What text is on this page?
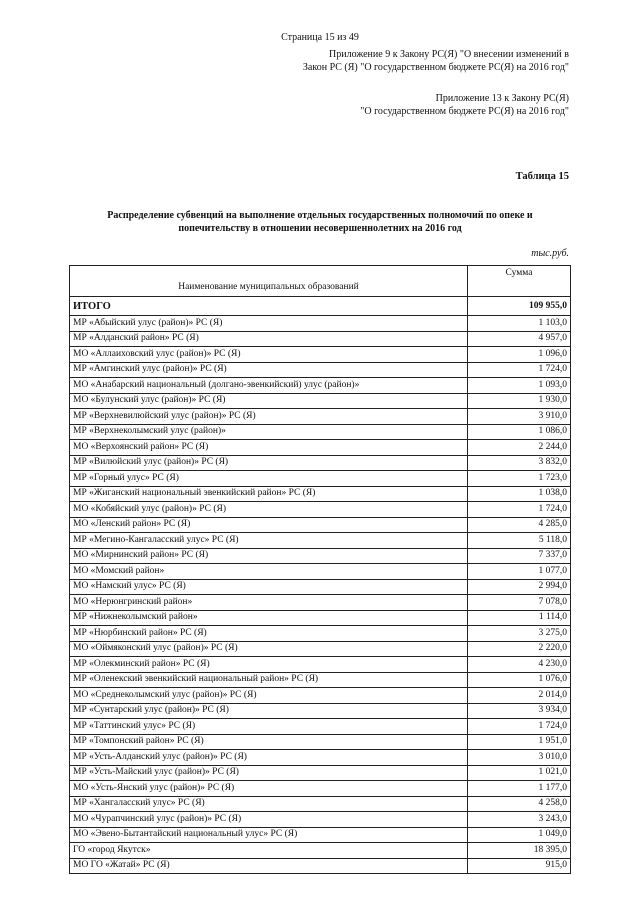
Страница 15 из 49
Приложение 9 к Закону РС(Я) "О внесении изменений в
Закон РС (Я) "О государственном бюджете РС(Я) на 2016 год"
Приложение 13 к Закону РС(Я)
"О государственном бюджете РС(Я) на 2016 год"
Таблица 15
Распределение субвенций на выполнение отдельных государственных полномочий по опеке и
попечительству в отношении несовершеннолетних на 2016 год
тыс.руб.
Наименование муниципальных образований	Сумма
ИТОГО	109 955,0
МР «Абыйский улус (район)» РС (Я)	1 103,0
МР «Алданский район» РС (Я)	4 957,0
МО «Аллаиховский улус (район)» РС (Я)	1 096,0
МР «Амгинский улус (район)» РС (Я)	1 724,0
МО «Анабарский национальный (долгано-эвенкийский) улус (район)»	1 093,0
МО «Булунский улус (район)» РС (Я)	1 930,0
МР «Верхневилюйский улус (район)» РС (Я)	3 910,0
МР «Верхнеколымский улус (район)»	1 086,0
МО «Верхоянский район» РС (Я)	2 244,0
МР «Вилюйский улус (район)» РС (Я)	3 832,0
МР «Горный улус» РС (Я)	1 723,0
МР «Жиганский национальный эвенкийский район» РС (Я)	1 038,0
МО «Кобяйский улус (район)» РС (Я)	1 724,0
МО «Ленский район» РС (Я)	4 285,0
МР «Мегино-Кангаласский улус» РС (Я)	5 118,0
МО «Мирнинский район» РС (Я)	7 337,0
МО «Момский район»	1 077,0
МО «Намский улус» РС (Я)	2 994,0
МО «Нерюнгринский район»	7 078,0
МР «Нижнеколымский район»	1 114,0
МР «Нюрбинский район» РС (Я)	3 275,0
МО «Оймяконский улус (район)» РС (Я)	2 220,0
МР «Олекминский район» РС (Я)	4 230,0
МР «Оленекский эвенкийский национальный район» РС (Я)	1 076,0
МО «Среднеколымский улус (район)» РС (Я)	2 014,0
МР «Сунтарский улус (район)» РС (Я)	3 934,0
МР «Таттинский улус» РС (Я)	1 724,0
МР «Томпонский район» РС (Я)	1 951,0
МР «Усть-Алданский улус (район)» РС (Я)	3 010,0
МР «Усть-Майский улус (район)» РС (Я)	1 021,0
МО «Усть-Янский улус (район)» РС (Я)	1 177,0
МР «Хангаласский улус» РС (Я)	4 258,0
МО «Чурапчинский улус (район)» РС (Я)	3 243,0
МО «Эвено-Бытантайский национальный улус» РС (Я)	1 049,0
ГО «город Якутск»	18 395,0
МО ГО «Жатай» РС (Я)	915,0
